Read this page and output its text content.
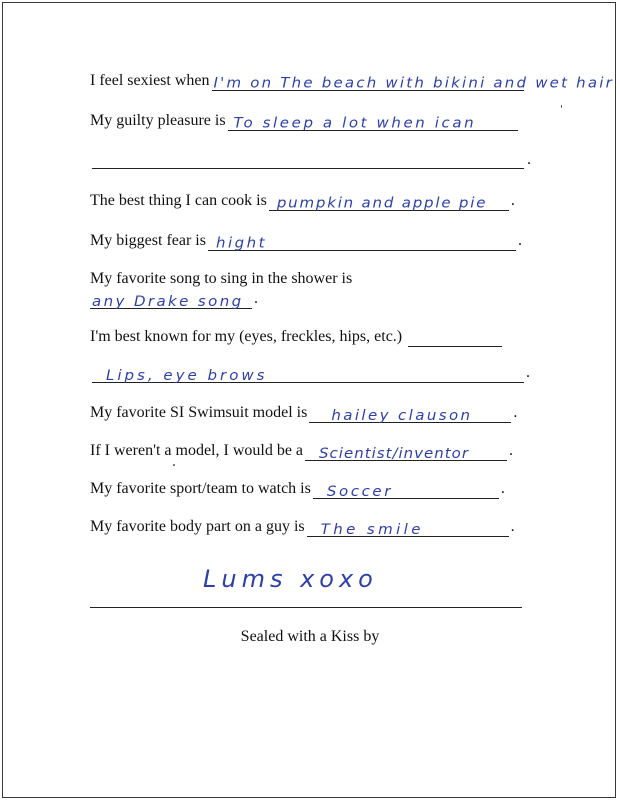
I feel sexiest when I'm on The beach with bikini and wet hair
My guilty pleasure is To sleep a lot when ican
.
The best thing I can cook is pumpkin and apple pie .
My biggest fear is hight	.
My favorite song to sing in the shower is
any Drake song .
I'm best known for my (eyes, freckles, hips, etc.)
Lips, eye brows	.
My favorite SI Swimsuit model is hailey clauson	.
If I weren't a model, I would be a Scientist/inventor	.
My favorite sport/team to watch is Soccer	.
My favorite body part on a guy is The smile	.
Lums xoxo
Sealed with a Kiss by
